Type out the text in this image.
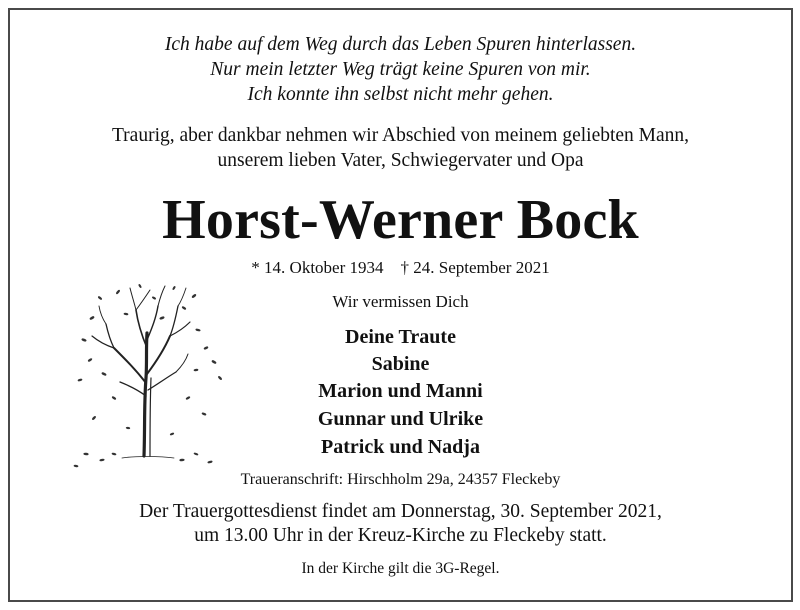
Ich habe auf dem Weg durch das Leben Spuren hinterlassen.
Nur mein letzter Weg trägt keine Spuren von mir.
Ich konnte ihn selbst nicht mehr gehen.
Traurig, aber dankbar nehmen wir Abschied von meinem geliebten Mann,
unserem lieben Vater, Schwiegervater und Opa
Horst-Werner Bock
* 14. Oktober 1934    † 24. September 2021
Wir vermissen Dich
Deine Traute
Sabine
Marion und Manni
Gunnar und Ulrike
Patrick und Nadja
Traueranschrift: Hirschholm 29a, 24357 Fleckeby
Der Trauergottesdienst findet am Donnerstag, 30. September 2021,
um 13.00 Uhr in der Kreuz-Kirche zu Fleckeby statt.
In der Kirche gilt die 3G-Regel.
